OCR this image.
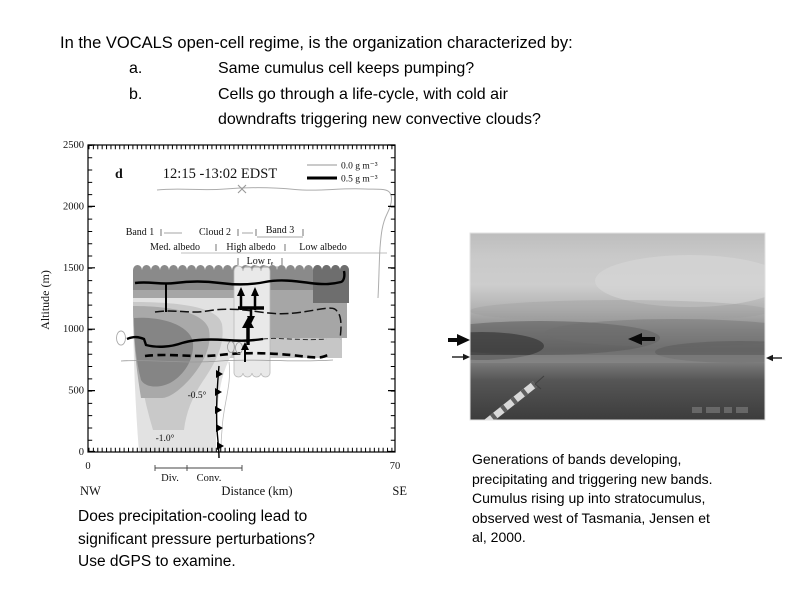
In the VOCALS open-cell regime, is the organization characterized by:
a.	Same cumulus cell keeps pumping?
b.	Cells go through a life-cycle, with cold air
downdrafts triggering new convective clouds?
-0.5°
-1.0°
Band 1	Cloud 2	Band 3
Med. albedo	High albedo Low albedo
Low rₑ
2500
2000
1500
1000
500
0
0	70
Altitude (m)
NW	Distance (km)	SE
Div. Conv.
d	12:15 -13:02 EDST	0.0 g m⁻³
0.5 g m⁻³
Does precipitation-cooling lead to
significant pressure perturbations?
Use dGPS to examine.
Generations of bands developing,
precipitating and triggering new bands.
Cumulus rising up into stratocumulus,
observed west of Tasmania, Jensen et
al, 2000.
